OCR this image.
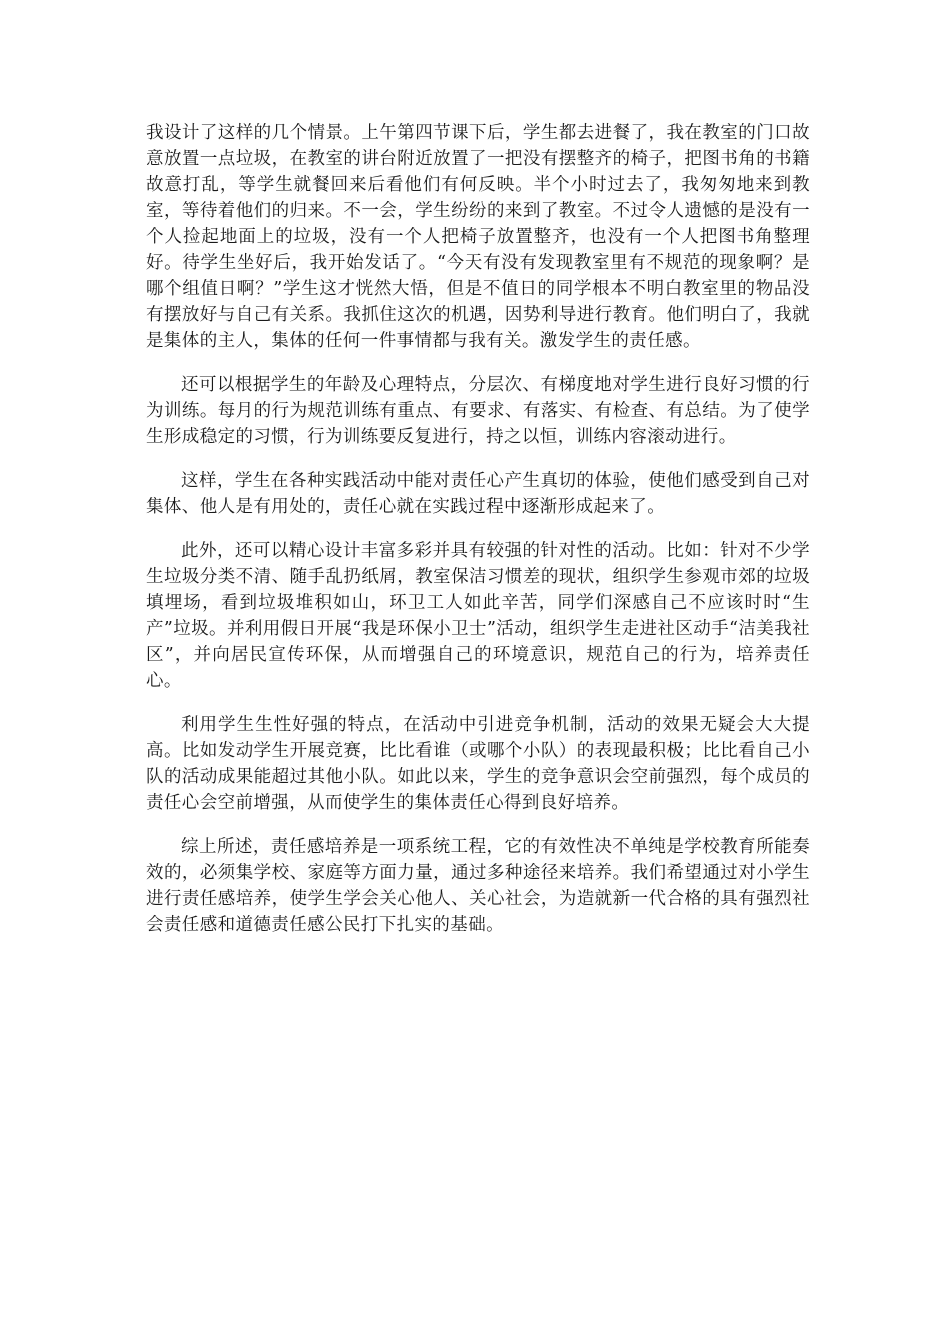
我设计了这样的几个情景。上午第四节课下后，学生都去进餐了，我在教室的门口故意放置一点垃圾，在教室的讲台附近放置了一把没有摆整齐的椅子，把图书角的书籍故意打乱，等学生就餐回来后看他们有何反映。半个小时过去了，我匆匆地来到教室，等待着他们的归来。不一会，学生纷纷的来到了教室。不过令人遗憾的是没有一个人捡起地面上的垃圾，没有一个人把椅子放置整齐，也没有一个人把图书角整理好。待学生坐好后，我开始发话了。“今天有没有发现教室里有不规范的现象啊？是哪个组值日啊？”学生这才恍然大悟，但是不值日的同学根本不明白教室里的物品没有摆放好与自己有关系。我抓住这次的机遇，因势利导进行教育。他们明白了，我就是集体的主人，集体的任何一件事情都与我有关。激发学生的责任感。

还可以根据学生的年龄及心理特点，分层次、有梯度地对学生进行良好习惯的行为训练。每月的行为规范训练有重点、有要求、有落实、有检查、有总结。为了使学生形成稳定的习惯，行为训练要反复进行，持之以恒，训练内容滚动进行。

这样，学生在各种实践活动中能对责任心产生真切的体验，使他们感受到自己对集体、他人是有用处的，责任心就在实践过程中逐渐形成起来了。

此外，还可以精心设计丰富多彩并具有较强的针对性的活动。比如：针对不少学生垃圾分类不清、随手乱扔纸屑，教室保洁习惯差的现状，组织学生参观市郊的垃圾填埋场，看到垃圾堆积如山，环卫工人如此辛苦，同学们深感自己不应该时时“生产”垃圾。并利用假日开展“我是环保小卫士”活动，组织学生走进社区动手“洁美我社区”，并向居民宣传环保，从而增强自己的环境意识，规范自己的行为，培养责任心。

利用学生生性好强的特点，在活动中引进竞争机制，活动的效果无疑会大大提高。比如发动学生开展竞赛，比比看谁（或哪个小队）的表现最积极；比比看自己小队的活动成果能超过其他小队。如此以来，学生的竞争意识会空前强烈，每个成员的责任心会空前增强，从而使学生的集体责任心得到良好培养。

综上所述，责任感培养是一项系统工程，它的有效性决不单纯是学校教育所能奏效的，必须集学校、家庭等方面力量，通过多种途径来培养。我们希望通过对小学生进行责任感培养，使学生学会关心他人、关心社会，为造就新一代合格的具有强烈社会责任感和道德责任感公民打下扎实的基础。
